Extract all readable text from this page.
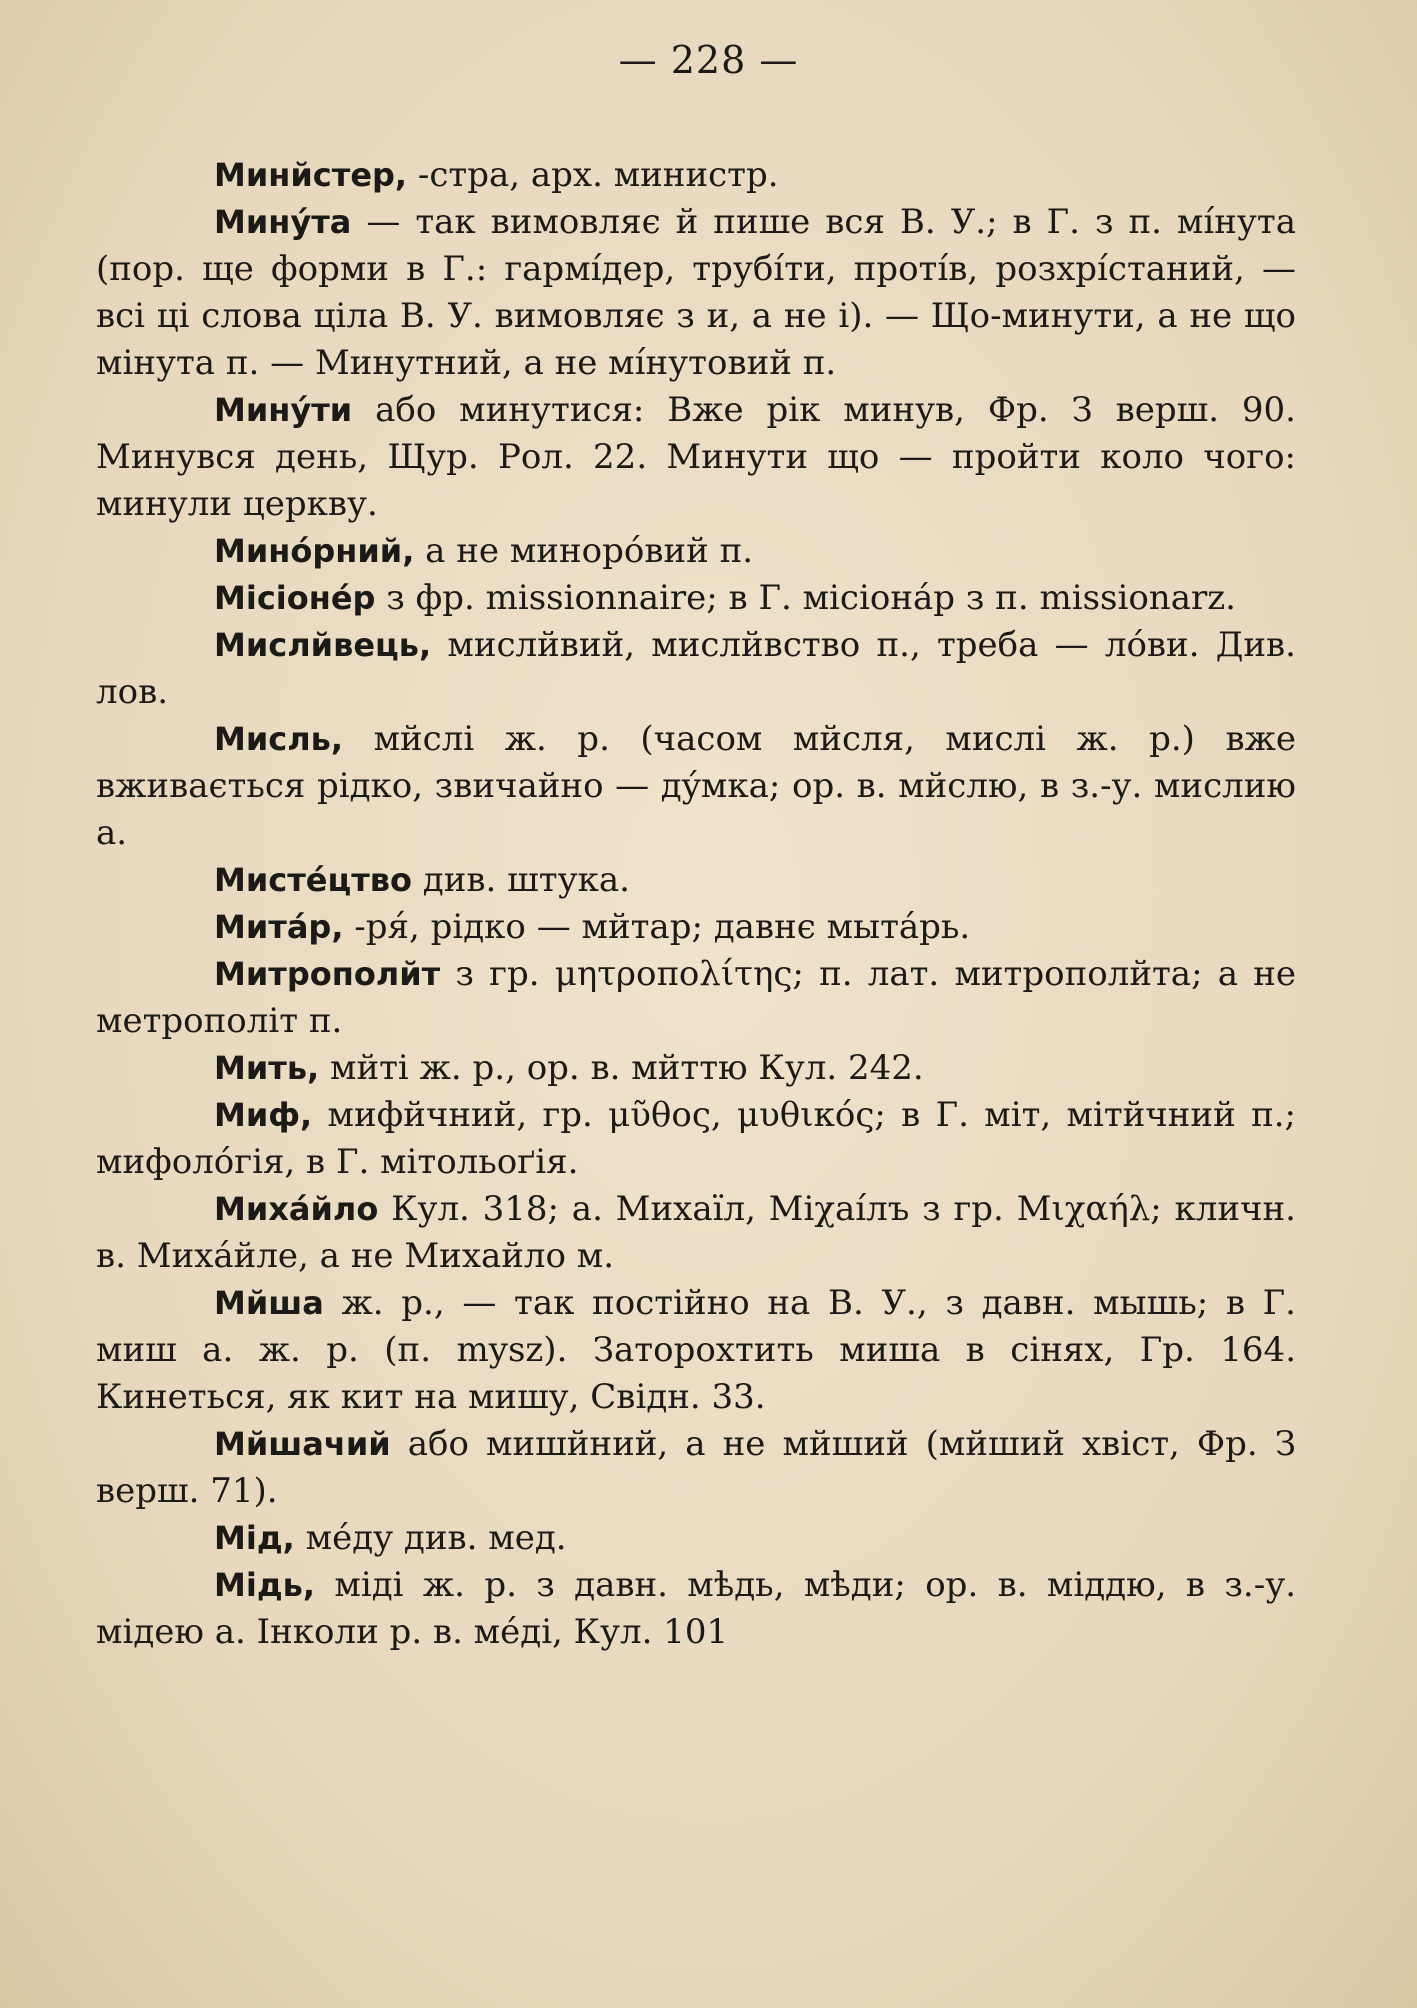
— 228 —

Минйстер, -стра, арх. министр.

Минýта — так вимовляє й пише вся В. У.; в Г. з п. мíнута (пор. ще форми в Г.: гармíдер, трубíти, протíв, розхрíстаний, — всі ці слова ціла В. У. вимовляє з и, а не і). — Що-минути, а не що мінута п. — Минутний, а не мíнутовий п.

Минýти або минутися: Вже рік минув, Фр. З верш. 90. Минувся день, Щур. Рол. 22. Минути що — пройти коло чого: минули церкву.

Минóрний, а не минорóвий п.

Місіонéр з фр. missionnaire; в Г. місіонáр з п. missionarz.

Мислйвець, мислйвий, мислйвство п., треба — лóви. Див. лов.

Мисль, мйслі ж. р. (часом мйсля, мислі ж. р.) вже вживається рідко, звичайно — дýмка; ор. в. мйслю, в з.-у. мислию а.

Мистéцтво див. штука.

Митáр, -ря́, рідко — мйтар; давнє мытáрь.

Митрополйт з гр. μητροπολίτης; п. лат. митрополйта; а не метрополіт п.

Мить, мйті ж. р., ор. в. мйттю Кул. 242.

Миф, мифйчний, гр. μῦθος, μυθικός; в Г. міт, мітйчний п.; мифолóгія, в Г. мітольоґія.

Михáйло Кул. 318; а. Михаїл, Міχаíлъ з гр. Μιχαήλ; кличн. в. Михáйле, а не Михайло м.

Мйша ж. р., — так постійно на В. У., з давн. мышь; в Г. миш а. ж. р. (п. mysz). Заторохтить миша в сінях, Гр. 164. Кинеться, як кит на мишу, Свідн. 33.

Мйшачий або мишйний, а не мйший (мйший хвіст, Фр. З верш. 71).

Мід, мéду див. мед.

Мідь, міді ж. р. з давн. мѣдь, мѣди; ор. в. міддю, в з.-у. мідею а. Інколи р. в. мéді, Кул. 101
